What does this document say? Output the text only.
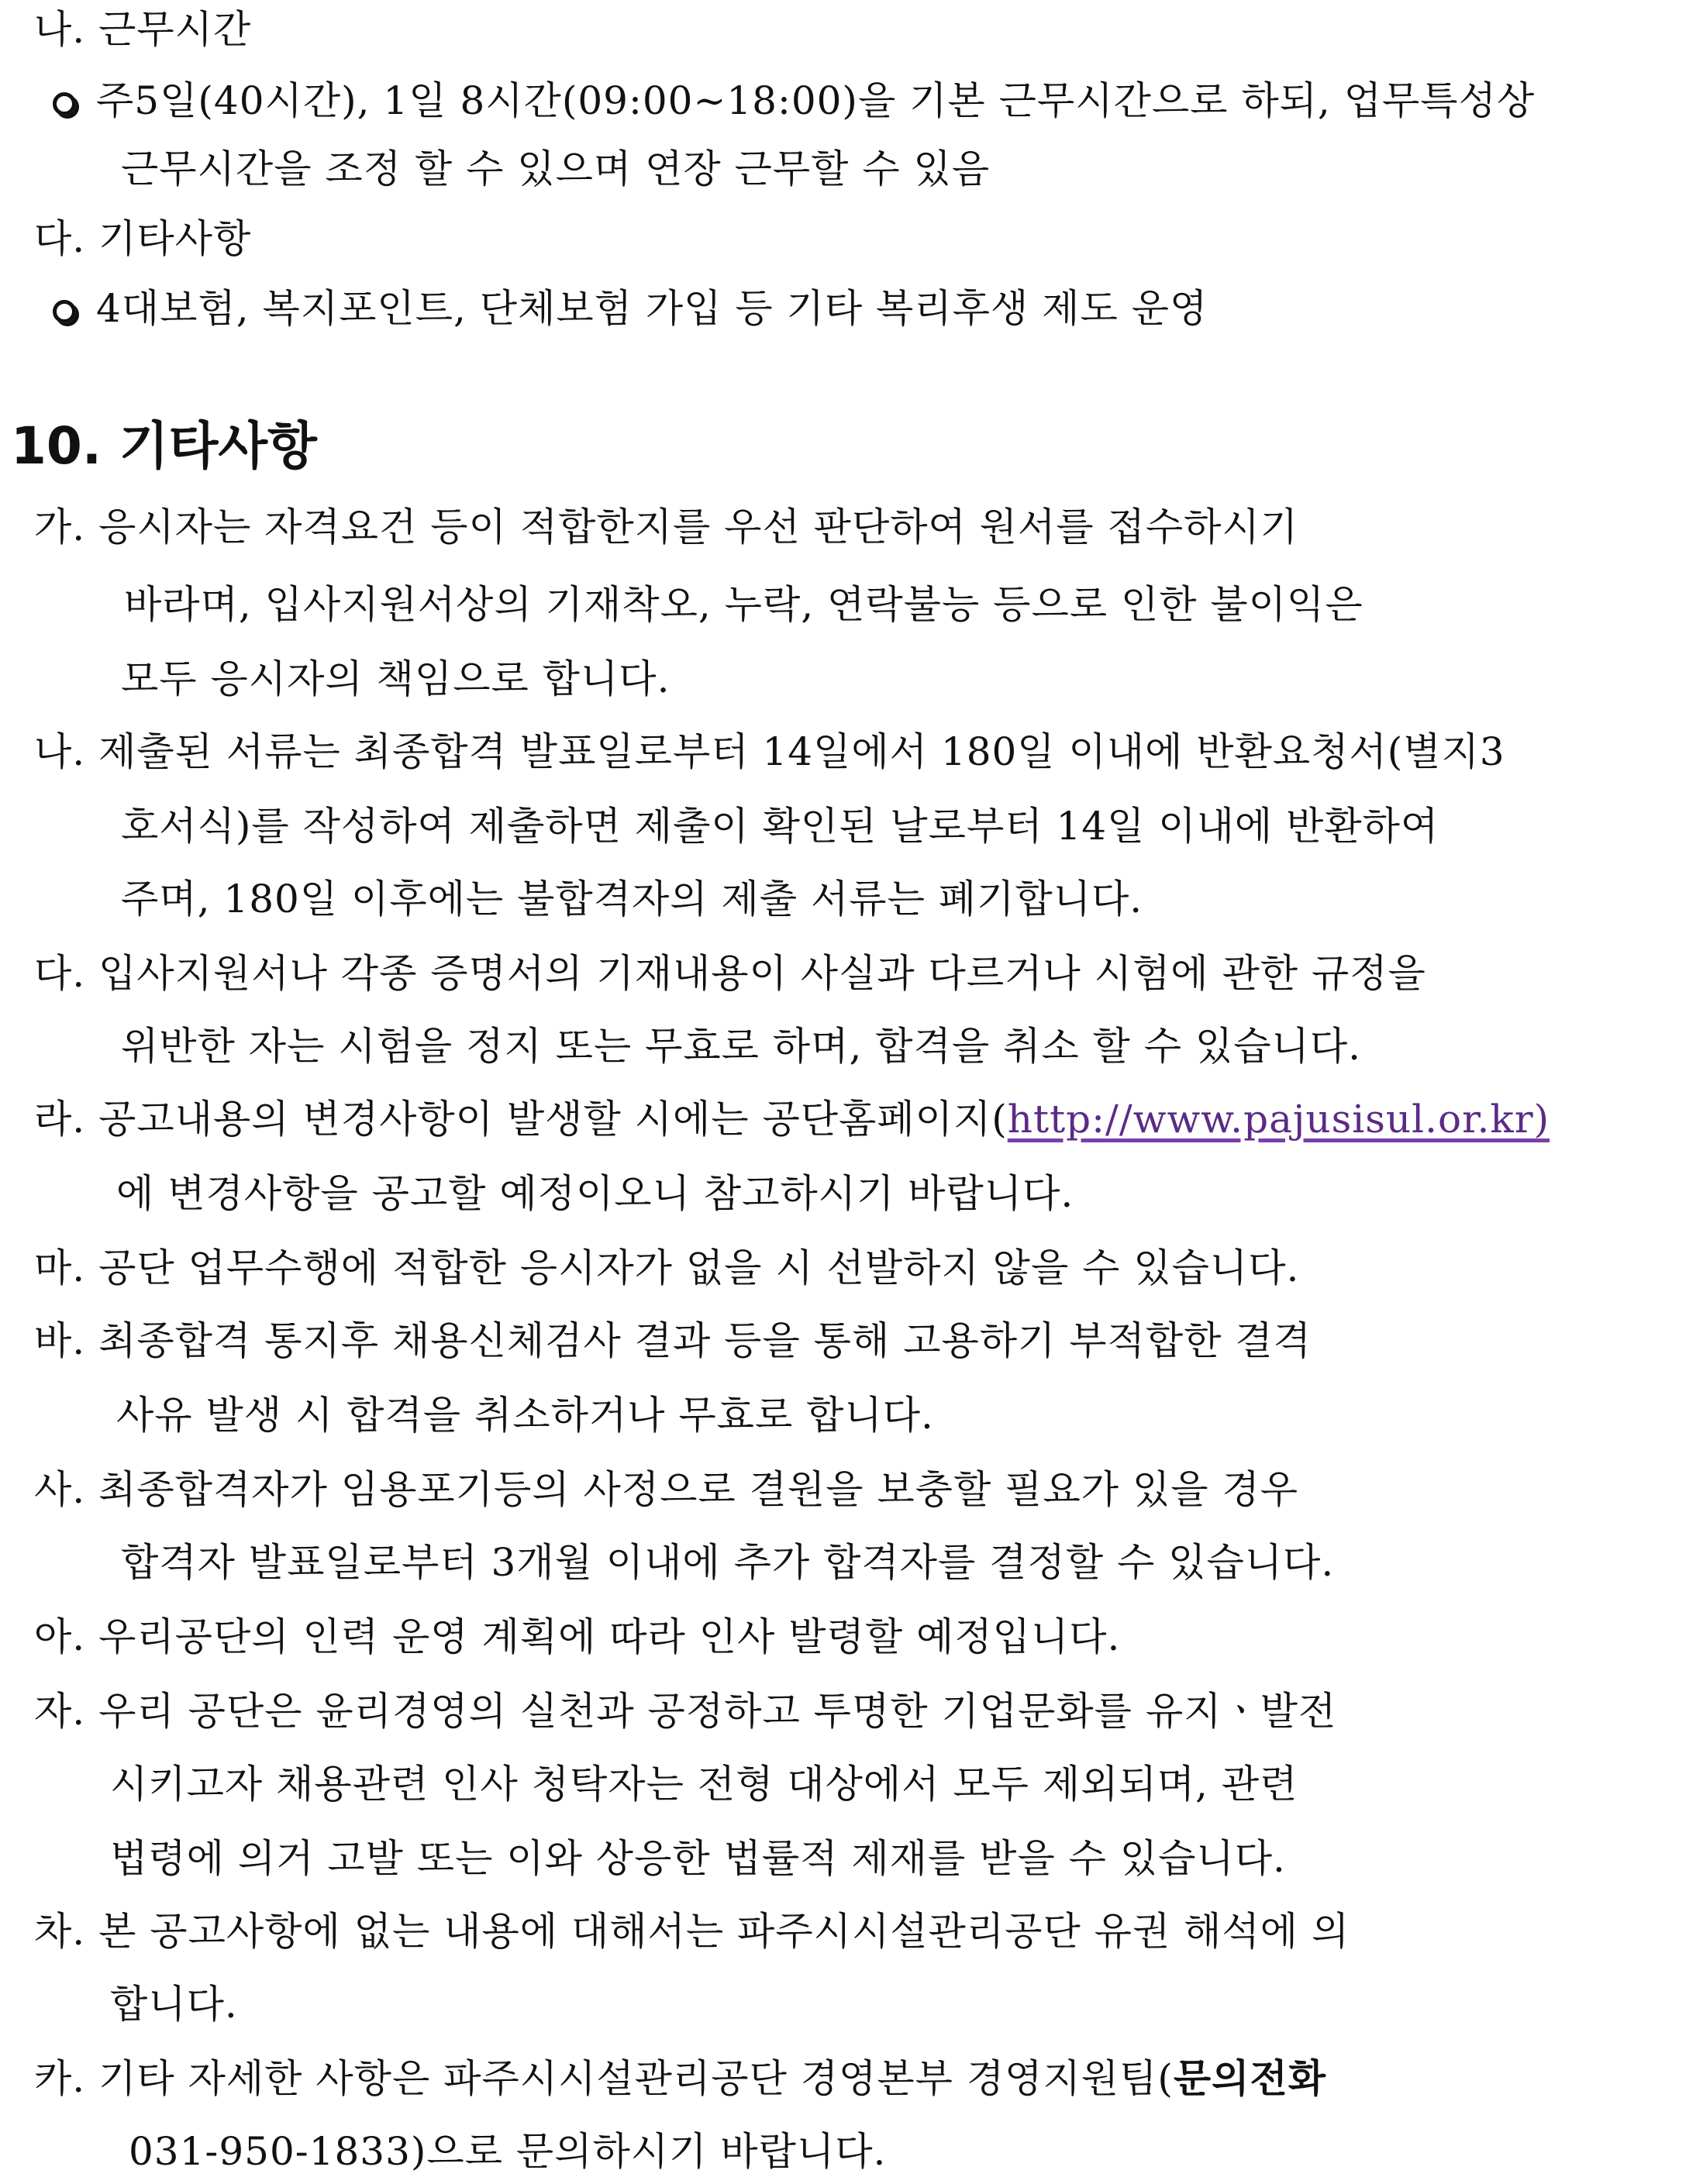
나. 근무시간
주5일(40시간), 1일 8시간(09:00∼18:00)을 기본 근무시간으로 하되, 업무특성상
근무시간을 조정 할 수 있으며 연장 근무할 수 있음
다. 기타사항
4대보험, 복지포인트, 단체보험 가입 등 기타 복리후생 제도 운영
10. 기타사항
가. 응시자는 자격요건 등이 적합한지를 우선 판단하여 원서를 접수하시기
바라며, 입사지원서상의 기재착오, 누락, 연락불능 등으로 인한 불이익은
모두 응시자의 책임으로 합니다.
나. 제출된 서류는 최종합격 발표일로부터 14일에서 180일 이내에 반환요청서(별지3
호서식)를 작성하여 제출하면 제출이 확인된 날로부터 14일 이내에 반환하여
주며, 180일 이후에는 불합격자의 제출 서류는 폐기합니다.
다. 입사지원서나 각종 증명서의 기재내용이 사실과 다르거나 시험에 관한 규정을
위반한 자는 시험을 정지 또는 무효로 하며, 합격을 취소 할 수 있습니다.
라. 공고내용의 변경사항이 발생할 시에는 공단홈페이지(http://www.pajusisul.or.kr)
에 변경사항을 공고할 예정이오니 참고하시기 바랍니다.
마. 공단 업무수행에 적합한 응시자가 없을 시 선발하지 않을 수 있습니다.
바. 최종합격 통지후 채용신체검사 결과 등을 통해 고용하기 부적합한 결격
사유 발생 시 합격을 취소하거나 무효로 합니다.
사. 최종합격자가 임용포기등의 사정으로 결원을 보충할 필요가 있을 경우
합격자 발표일로부터 3개월 이내에 추가 합격자를 결정할 수 있습니다.
아. 우리공단의 인력 운영 계획에 따라 인사 발령할 예정입니다.
자. 우리 공단은 윤리경영의 실천과 공정하고 투명한 기업문화를 유지ㆍ발전
시키고자 채용관련 인사 청탁자는 전형 대상에서 모두 제외되며, 관련
법령에 의거 고발 또는 이와 상응한 법률적 제재를 받을 수 있습니다.
차. 본 공고사항에 없는 내용에 대해서는 파주시시설관리공단 유권 해석에 의
합니다.
카. 기타 자세한 사항은 파주시시설관리공단 경영본부 경영지원팀(문의전화
031-950-1833)으로 문의하시기 바랍니다.
